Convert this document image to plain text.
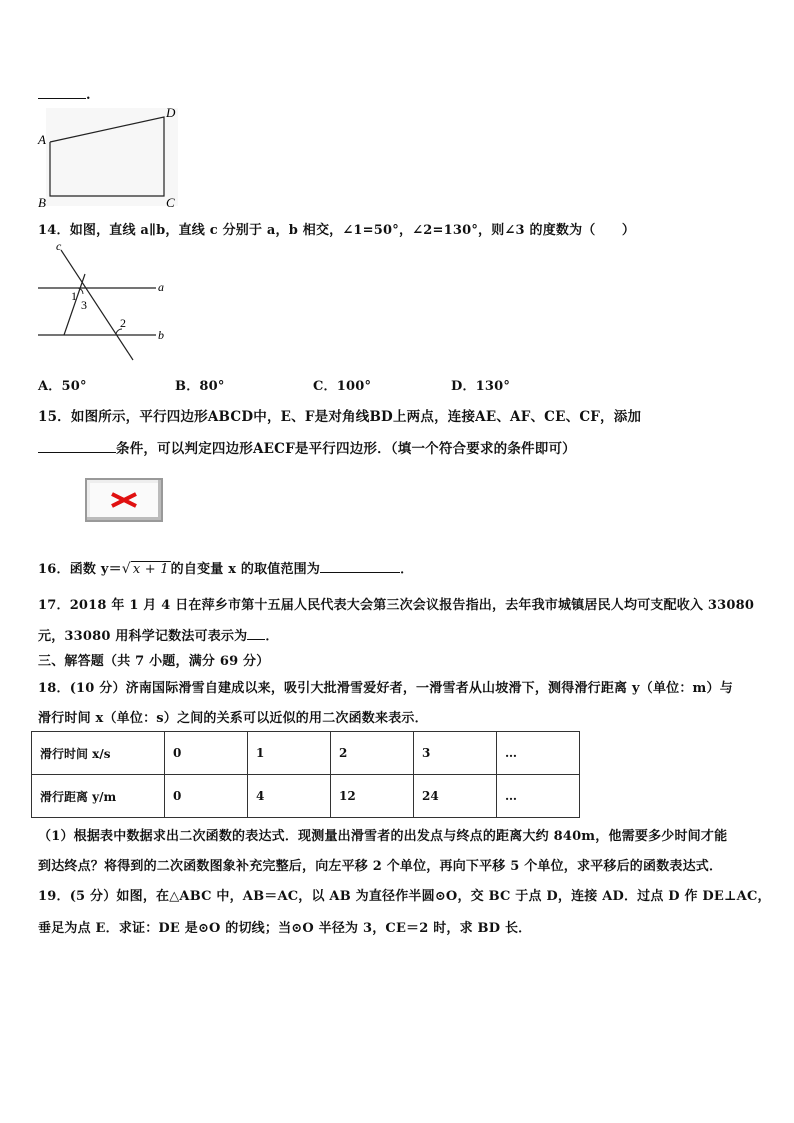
.
A
D
B	C
14．如图，直线 a∥b，直线 c 分别于 a，b 相交，∠1=50°，∠2=130°，则∠3 的度数为（　　）
c
a
b
1
3
2
A．50°	B．80°	C．100°	D．130°
15．如图所示，平行四边形ABCD中，E、F是对角线BD上两点，连接AE、AF、CE、CF，添加
条件，可以判定四边形AECF是平行四边形．（填一个符合要求的条件即可）
16．函数 y＝√ x + 1 的自变量 x 的取值范围为	．
17．2018 年 1 月 4 日在萍乡市第十五届人民代表大会第三次会议报告指出，去年我市城镇居民人均可支配收入 33080
元，33080 用科学记数法可表示为 ．
三、解答题（共 7 小题，满分 69 分）
18．(10 分）济南国际滑雪自建成以来，吸引大批滑雪爱好者，一滑雪者从山坡滑下，测得滑行距离 y（单位：m）与
滑行时间 x（单位：s）之间的关系可以近似的用二次函数来表示．
滑行时间 x/s	0	1	2	3	…
滑行距离 y/m	0	4	12	24	…
（1）根据表中数据求出二次函数的表达式．现测量出滑雪者的出发点与终点的距离大约 840m，他需要多少时间才能
到达终点？将得到的二次函数图象补充完整后，向左平移 2 个单位，再向下平移 5 个单位，求平移后的函数表达式．
19．(5 分）如图，在△ABC 中，AB＝AC，以 AB 为直径作半圆⊙O，交 BC 于点 D，连接 AD．过点 D 作 DE⊥AC，
垂足为点 E．求证：DE 是⊙O 的切线；当⊙O 半径为 3，CE＝2 时，求 BD 长．
